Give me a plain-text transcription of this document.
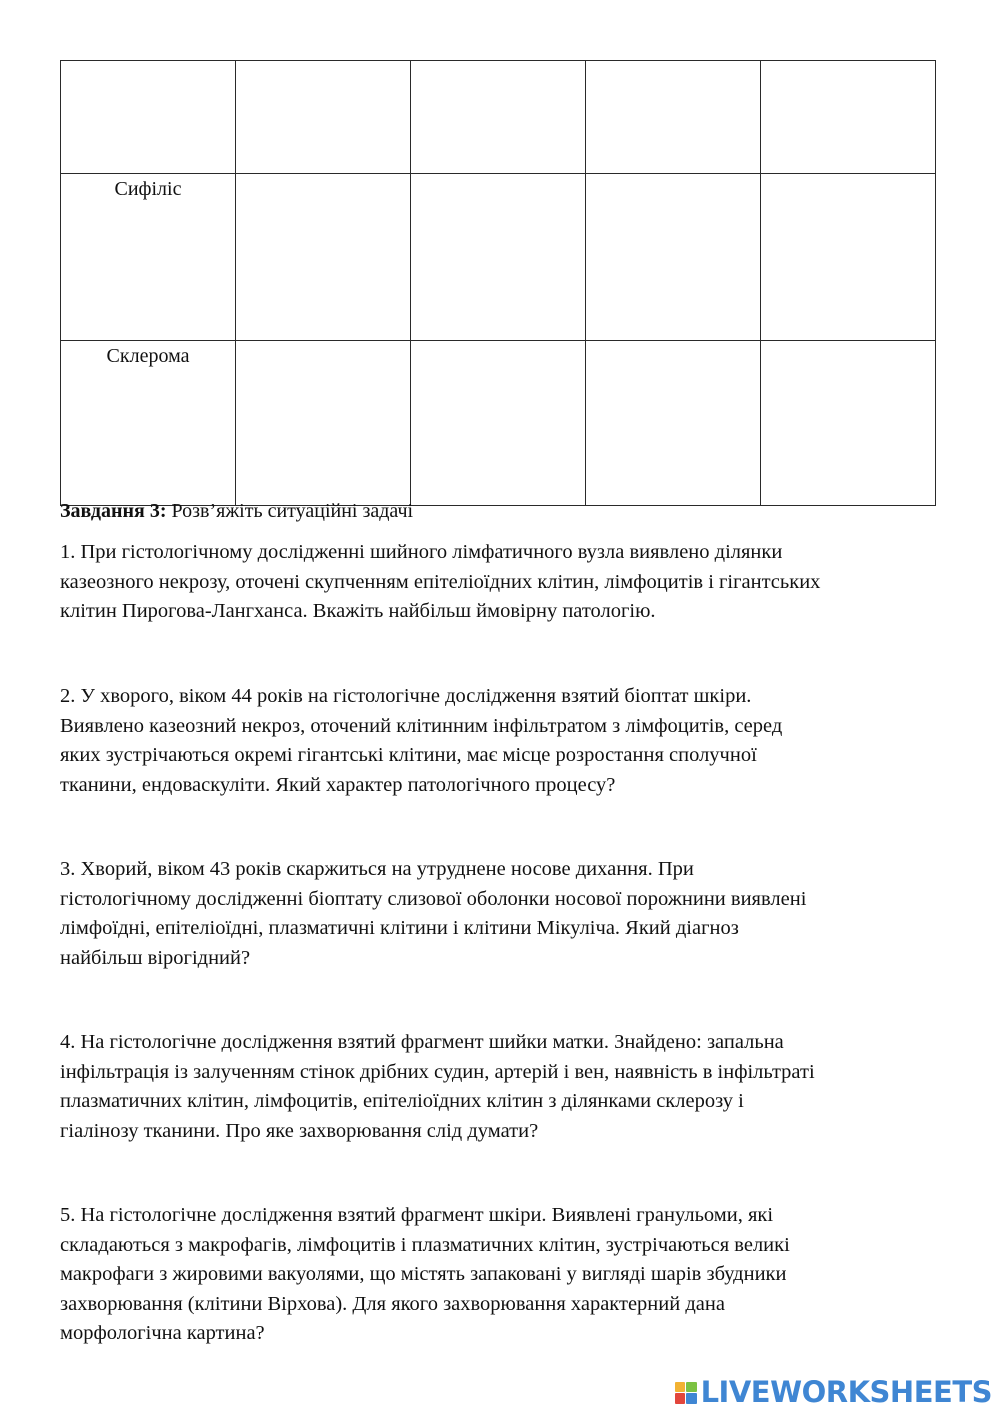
Сифіліс				
Склерома				

Завдання 3: Розв’яжіть ситуаційні задачі

1. При гістологічному дослідженні шийного лімфатичного вузла виявлено ділянки
казеозного некрозу, оточені скупченням епітеліоїдних клітин, лімфоцитів і гігантських
клітин Пирогова-Лангханса. Вкажіть найбільш ймовірну патологію.

2. У хворого, віком 44 років на гістологічне дослідження взятий біоптат шкіри.
Виявлено казеозний некроз, оточений клітинним інфільтратом з лімфоцитів, серед
яких зустрічаються окремі гігантські клітини, має місце розростання сполучної
тканини, ендоваскуліти. Який характер патологічного процесу?

3. Хворий, віком 43 років скаржиться на утруднене носове дихання. При
гістологічному дослідженні біоптату слизової оболонки носової порожнини виявлені
лімфоїдні, епітеліоїдні, плазматичні клітини і клітини Мікуліча. Який діагноз
найбільш вірогідний?

4. На гістологічне дослідження взятий фрагмент шийки матки. Знайдено: запальна
інфільтрація із залученням стінок дрібних судин, артерій і вен, наявність в інфільтраті
плазматичних клітин, лімфоцитів, епітеліоїдних клітин з ділянками склерозу і
гіалінозу тканини. Про яке захворювання слід думати?

5. На гістологічне дослідження взятий фрагмент шкіри. Виявлені гранульоми, які
складаються з макрофагів, лімфоцитів і плазматичних клітин, зустрічаються великі
макрофаги з жировими вакуолями, що містять запаковані у вигляді шарів збудники
захворювання (клітини Вірхова). Для якого захворювання характерний дана
морфологічна картина?

LIVEWORKSHEETS
